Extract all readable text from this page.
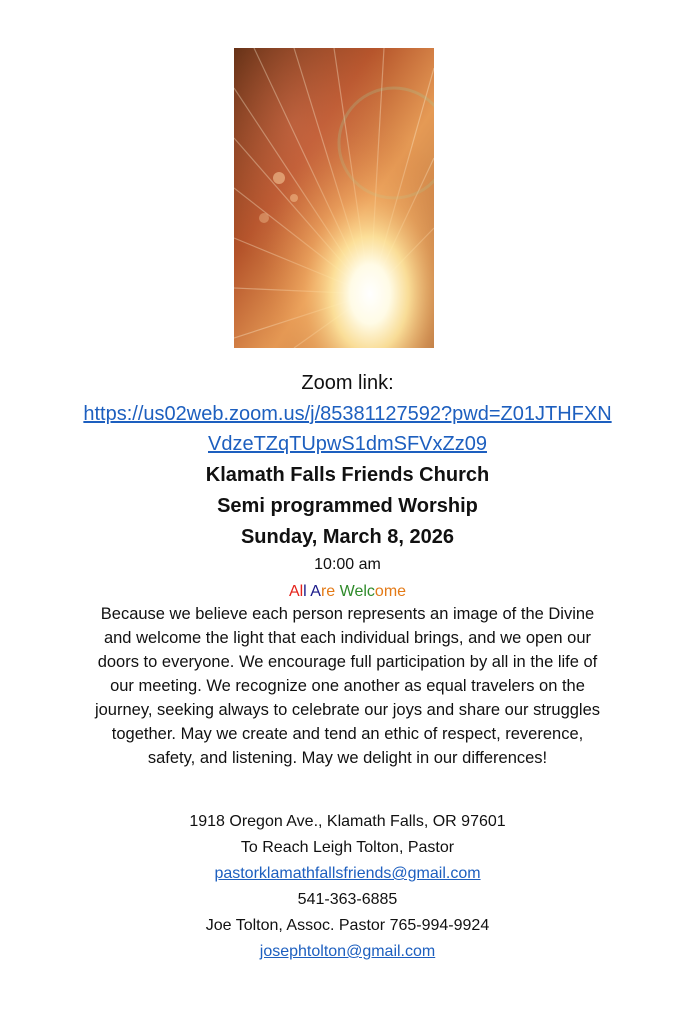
Zoom link:
https://us02web.zoom.us/j/85381127592?pwd=Z01JTHFXN
VdzeTZqTUpwS1dmSFVxZz09
Klamath Falls Friends Church
Semi programmed Worship
Sunday, March 8, 2026
10:00 am
All Are Welcome
Because we believe each person represents an image of the Divine
and welcome the light that each individual brings, and we open our
doors to everyone. We encourage full participation by all in the life of
our meeting. We recognize one another as equal travelers on the
journey, seeking always to celebrate our joys and share our struggles
together. May we create and tend an ethic of respect, reverence,
safety, and listening. May we delight in our differences!
1918 Oregon Ave., Klamath Falls, OR 97601
To Reach Leigh Tolton, Pastor
pastorklamathfallsfriends@gmail.com
541-363-6885
Joe Tolton, Assoc. Pastor 765-994-9924
josephtolton@gmail.com
